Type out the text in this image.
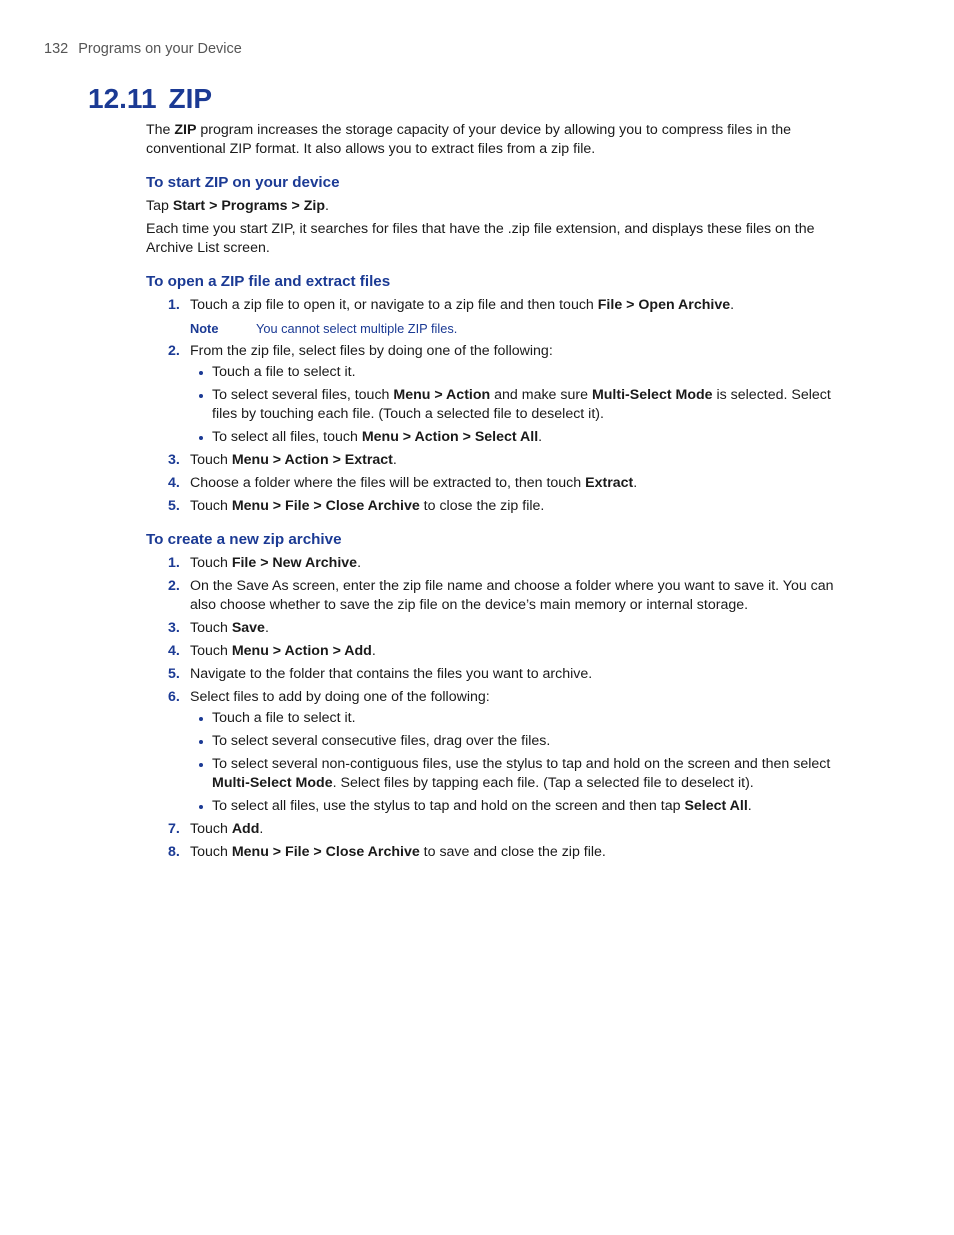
132 Programs on your Device
12.11 ZIP

The ZIP program increases the storage capacity of your device by allowing you to compress files in the conventional ZIP format. It also allows you to extract files from a zip file.

To start ZIP on your device

Tap Start > Programs > Zip.

Each time you start ZIP, it searches for files that have the .zip file extension, and displays these files on the Archive List screen.

To open a ZIP file and extract files
1. Touch a zip file to open it, or navigate to a zip file and then touch File > Open Archive.
Note	You cannot select multiple ZIP files.
2. From the zip file, select files by doing one of the following:
Touch a file to select it.
To select several files, touch Menu > Action and make sure Multi-Select Mode is selected. Select files by touching each file. (Touch a selected file to deselect it).
To select all files, touch Menu > Action > Select All.
3. Touch Menu > Action > Extract.
4. Choose a folder where the files will be extracted to, then touch Extract.
5. Touch Menu > File > Close Archive to close the zip file.
To create a new zip archive
1. Touch File > New Archive.
2. On the Save As screen, enter the zip file name and choose a folder where you want to save it. You can also choose whether to save the zip file on the device’s main memory or internal storage.
3. Touch Save.
4. Touch Menu > Action > Add.
5. Navigate to the folder that contains the files you want to archive.
6. Select files to add by doing one of the following:
Touch a file to select it.
To select several consecutive files, drag over the files.
To select several non-contiguous files, use the stylus to tap and hold on the screen and then select Multi-Select Mode. Select files by tapping each file. (Tap a selected file to deselect it).
To select all files, use the stylus to tap and hold on the screen and then tap Select All.
7. Touch Add.
8. Touch Menu > File > Close Archive to save and close the zip file.
